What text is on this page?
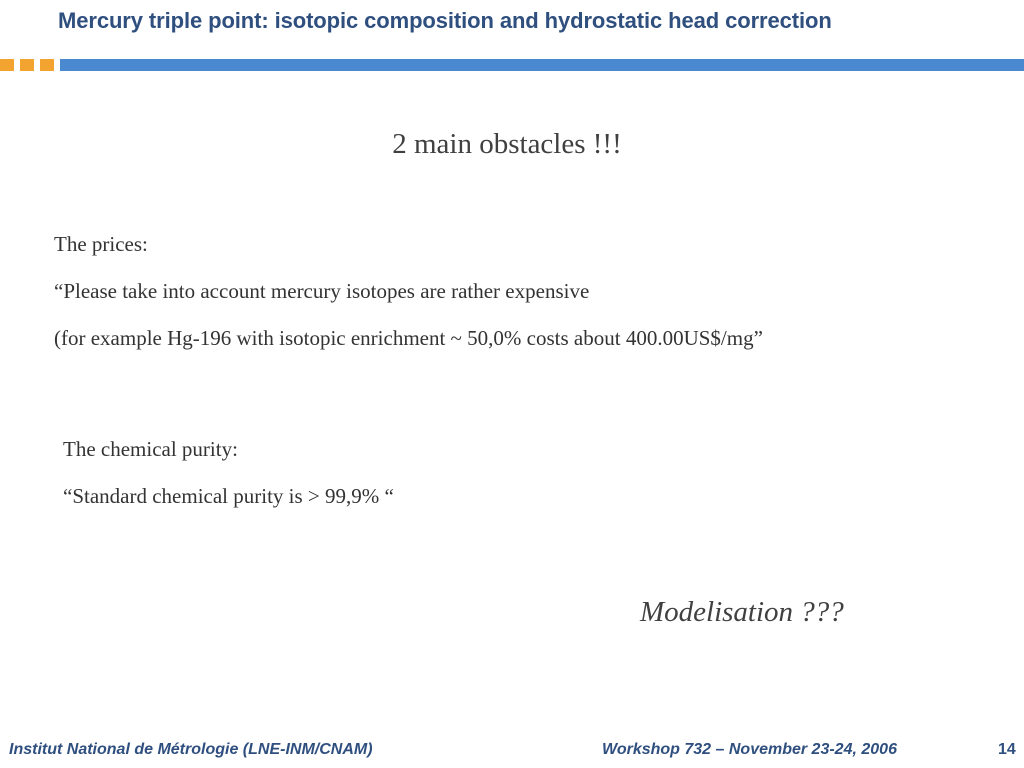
Mercury triple point: isotopic composition and hydrostatic head correction
2 main obstacles !!!
The prices:
“Please take into account mercury isotopes are rather expensive
(for example Hg-196 with isotopic enrichment ~ 50,0% costs about 400.00US$/mg”
The chemical purity:
“Standard chemical purity is > 99,9% “
Modelisation ???
Institut National de Métrologie (LNE-INM/CNAM)	Workshop 732 – November 23-24, 2006	14
